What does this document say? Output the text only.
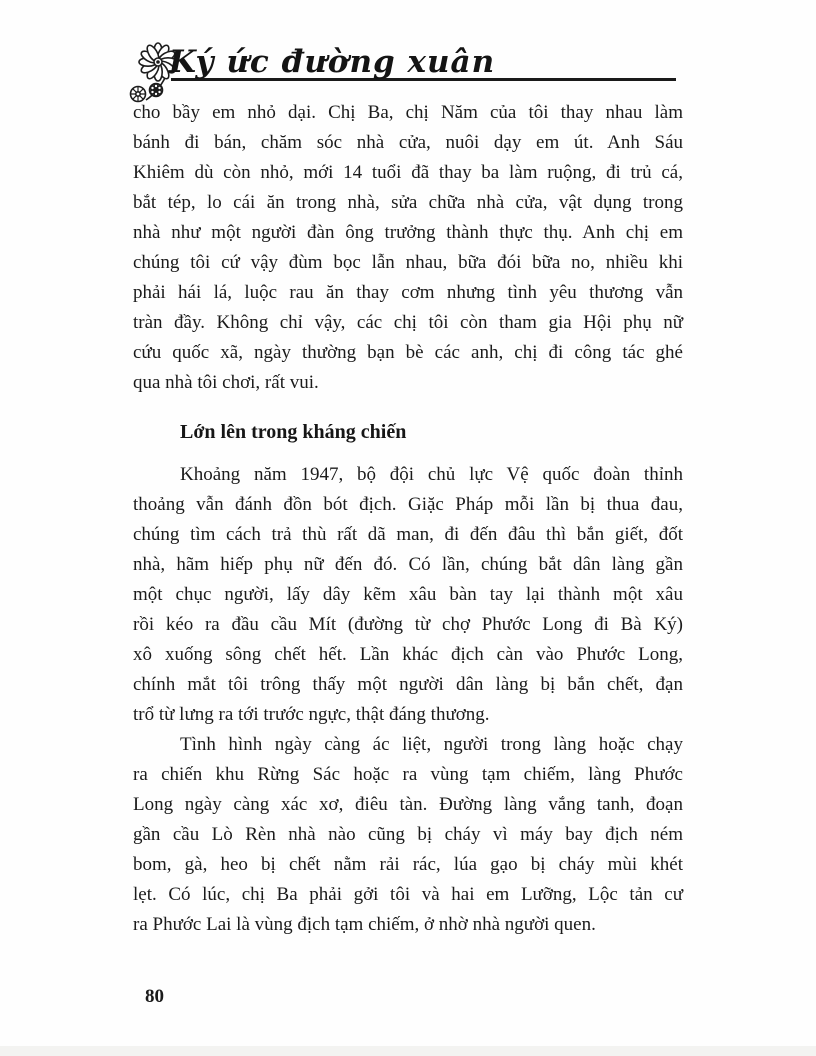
Ký ức đường xuân

cho bầy em nhỏ dại. Chị Ba, chị Năm của tôi thay nhau làm
bánh đi bán, chăm sóc nhà cửa, nuôi dạy em út. Anh Sáu
Khiêm dù còn nhỏ, mới 14 tuổi đã thay ba làm ruộng, đi trủ cá,
bắt tép, lo cái ăn trong nhà, sửa chữa nhà cửa, vật dụng trong
nhà như một người đàn ông trưởng thành thực thụ. Anh chị em
chúng tôi cứ vậy đùm bọc lẫn nhau, bữa đói bữa no, nhiều khi
phải hái lá, luộc rau ăn thay cơm nhưng tình yêu thương vẫn
tràn đầy. Không chỉ vậy, các chị tôi còn tham gia Hội phụ nữ
cứu quốc xã, ngày thường bạn bè các anh, chị đi công tác ghé
qua nhà tôi chơi, rất vui.

Lớn lên trong kháng chiến

Khoảng năm 1947, bộ đội chủ lực Vệ quốc đoàn thỉnh
thoảng vẫn đánh đồn bót địch. Giặc Pháp mỗi lần bị thua đau,
chúng tìm cách trả thù rất dã man, đi đến đâu thì bắn giết, đốt
nhà, hãm hiếp phụ nữ đến đó. Có lần, chúng bắt dân làng gần
một chục người, lấy dây kẽm xâu bàn tay lại thành một xâu
rồi kéo ra đầu cầu Mít (đường từ chợ Phước Long đi Bà Ký)
xô xuống sông chết hết. Lần khác địch càn vào Phước Long,
chính mắt tôi trông thấy một người dân làng bị bắn chết, đạn
trổ từ lưng ra tới trước ngực, thật đáng thương.

Tình hình ngày càng ác liệt, người trong làng hoặc chạy
ra chiến khu Rừng Sác hoặc ra vùng tạm chiếm, làng Phước
Long ngày càng xác xơ, điêu tàn. Đường làng vắng tanh, đoạn
gần cầu Lò Rèn nhà nào cũng bị cháy vì máy bay địch ném
bom, gà, heo bị chết nằm rải rác, lúa gạo bị cháy mùi khét
lẹt. Có lúc, chị Ba phải gởi tôi và hai em Lưỡng, Lộc tản cư
ra Phước Lai là vùng địch tạm chiếm, ở nhờ nhà người quen.

80
